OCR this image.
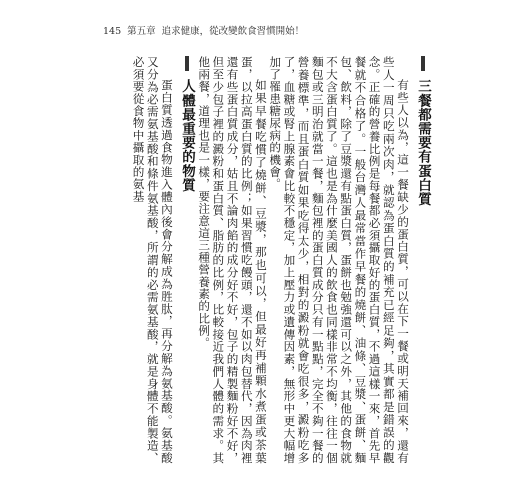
145 第五章 追求健康，從改變飲食習慣開始！
三餐都需要有蛋白質

有些人以為，這一餐缺少的蛋白質，可以在下一餐或明天補回來，還有些人一周只吃兩次肉，就認為蛋白質的補充已經足夠，其實都是錯誤的觀念。正確的營養比例是每餐都必須攝取好的蛋白質，不過這樣一來，首先早餐就不合格了。一般台灣人最常當作早餐的燒餅、油條、豆漿、蛋餅、麵包、飲料，除了豆漿還有點蛋白質，蛋餅也勉強還可以之外，其他的食物就不大含蛋白質了。這也是為什麼美國人的飲食也同樣非常不均衡，往往一個麵包或三明治就當一餐，麵包裡的蛋白質成分只有一點點，完全不夠一餐的營養標準，而且蛋白質如果吃得太少，相對的澱粉就會吃很多，澱粉吃多了，血糖或腎上腺素會比較不穩定，加上壓力或遺傳因素，無形中更大幅增加了罹患糖尿病的機會。

如果早餐吃慣了燒餅、豆漿，那也可以，但最好再補顆水煮蛋或茶葉蛋，以拉高蛋白質的比例；如果習慣吃饅頭，還不如以肉包替代，因為肉裡還有些蛋白質成分，姑且不論肉餡的成分好不好，包子的精製麵粉好不好，但至少包子裡的澱粉和蛋白質、脂肪的比例，比較接近我們人體的需求。其他兩餐，道理也是一樣，要注意這三種營養素的比例。

人體最重要的物質

蛋白質透過食物進入體內後會分解成為胜肽，再分解為氨基酸。氨基酸又分為必需氨基酸和條件氨基酸，所謂的必需氨基酸，就是身體不能製造、必須要從食物中攝取的氨基
